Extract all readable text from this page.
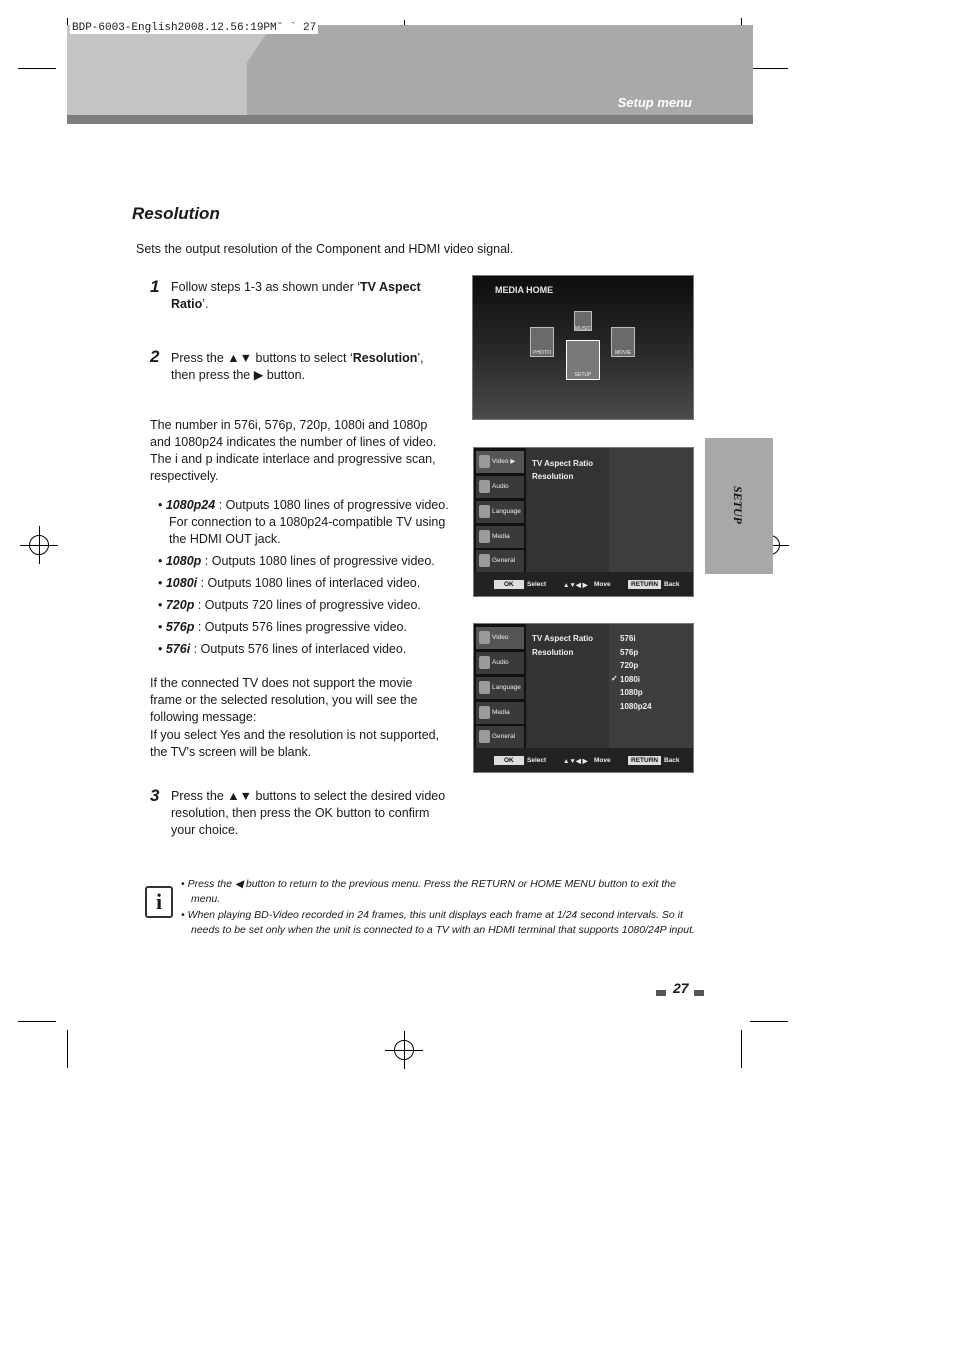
BDP-6003-English2008.12.56:19PM˘ ` 27
Setup menu
Resolution
Sets the output resolution of the Component and HDMI video signal.
1 Follow steps 1-3 as shown under ‘TV Aspect Ratio’.
2 Press the ▲▼ buttons to select ‘Resolution’, then press the ▶ button.
The number in 576i, 576p, 720p, 1080i and 1080p and 1080p24 indicates the number of lines of video. The i and p indicate interlace and progressive scan, respectively.
• 1080p24 : Outputs 1080 lines of progressive video. For connection to a 1080p24-compatible TV using the HDMI OUT jack.
• 1080p : Outputs 1080 lines of progressive video.
• 1080i : Outputs 1080 lines of interlaced video.
• 720p : Outputs 720 lines of progressive video.
• 576p : Outputs 576 lines progressive video.
• 576i : Outputs 576 lines of interlaced video.
If the connected TV does not support the movie frame or the selected resolution, you will see the following message:
If you select Yes and the resolution is not supported, the TV's screen will be blank.
3 Press the ▲▼ buttons to select the desired video resolution, then press the OK button to confirm your choice.
MEDIA HOME
PHOTO
MUSIC
MOVIE
SETUP
Video ▶
Audio
Language
Media
General
TV Aspect Ratio
Resolution
OK	Select	▲▼◀ ▶ Move	RETURN Back
Video
Audio
Language
Media
General
TV Aspect Ratio
Resolution
576i
576p
720p
✓ 1080i
1080p
1080p24
OK	Select	▲▼◀ ▶ Move	RETURN Back
SETUP
i
• Press the ◀ button to return to the previous menu. Press the RETURN or HOME MENU button to exit the menu.
• When playing BD-Video recorded in 24 frames, this unit displays each frame at 1/24 second intervals. So it needs to be set only when the unit is connected to a TV with an HDMI terminal that supports 1080/24P input.
27
